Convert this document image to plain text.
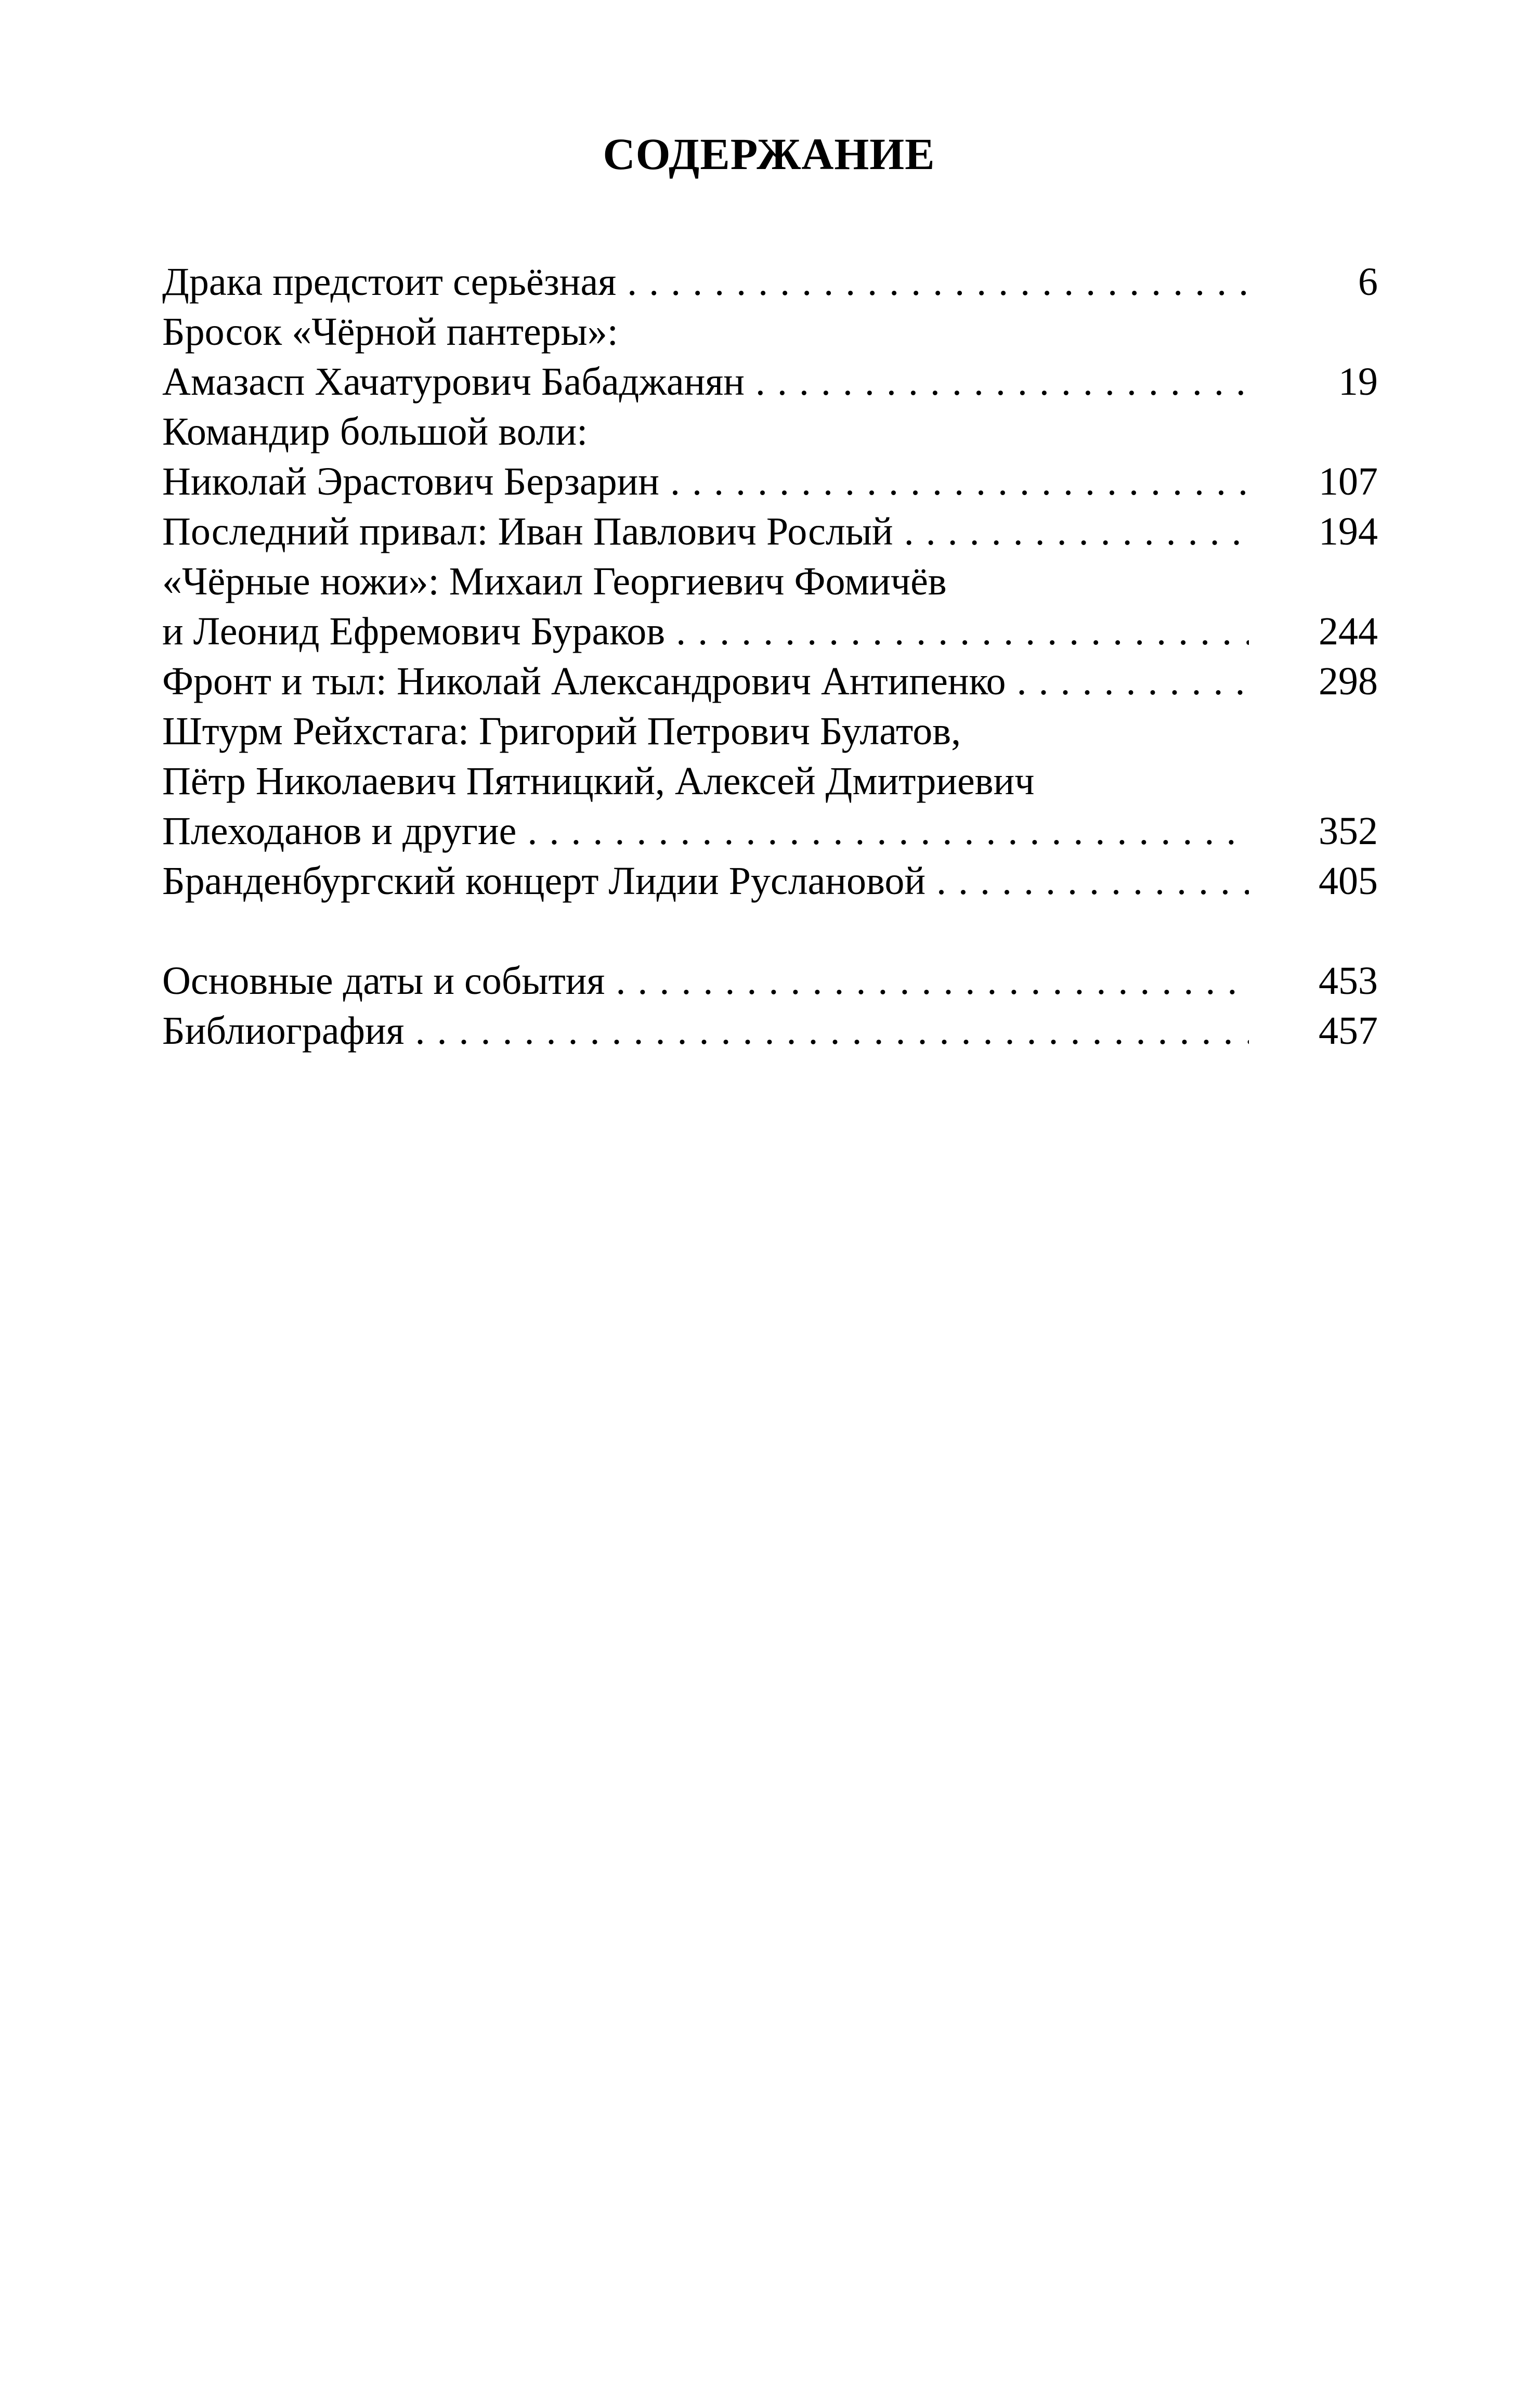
СОДЕРЖАНИЕ
Драка предстоит серьёзная . . .	6
Бросок «Чёрной пантеры»:
Амазасп Хачатурович Бабаджанян . . .	19
Командир большой воли:
Николай Эрастович Берзарин . . .	107
Последний привал: Иван Павлович Рослый . . .	194
«Чёрные ножи»: Михаил Георгиевич Фомичёв
и Леонид Ефремович Бураков . . .	244
Фронт и тыл: Николай Александрович Антипенко . . .	298
Штурм Рейхстага: Григорий Петрович Булатов,
Пётр Николаевич Пятницкий, Алексей Дмитриевич
Плеходанов и другие . . .	352
Бранденбургский концерт Лидии Руслановой . . .	405
Основные даты и события . . .	453
Библиография . . .	457
